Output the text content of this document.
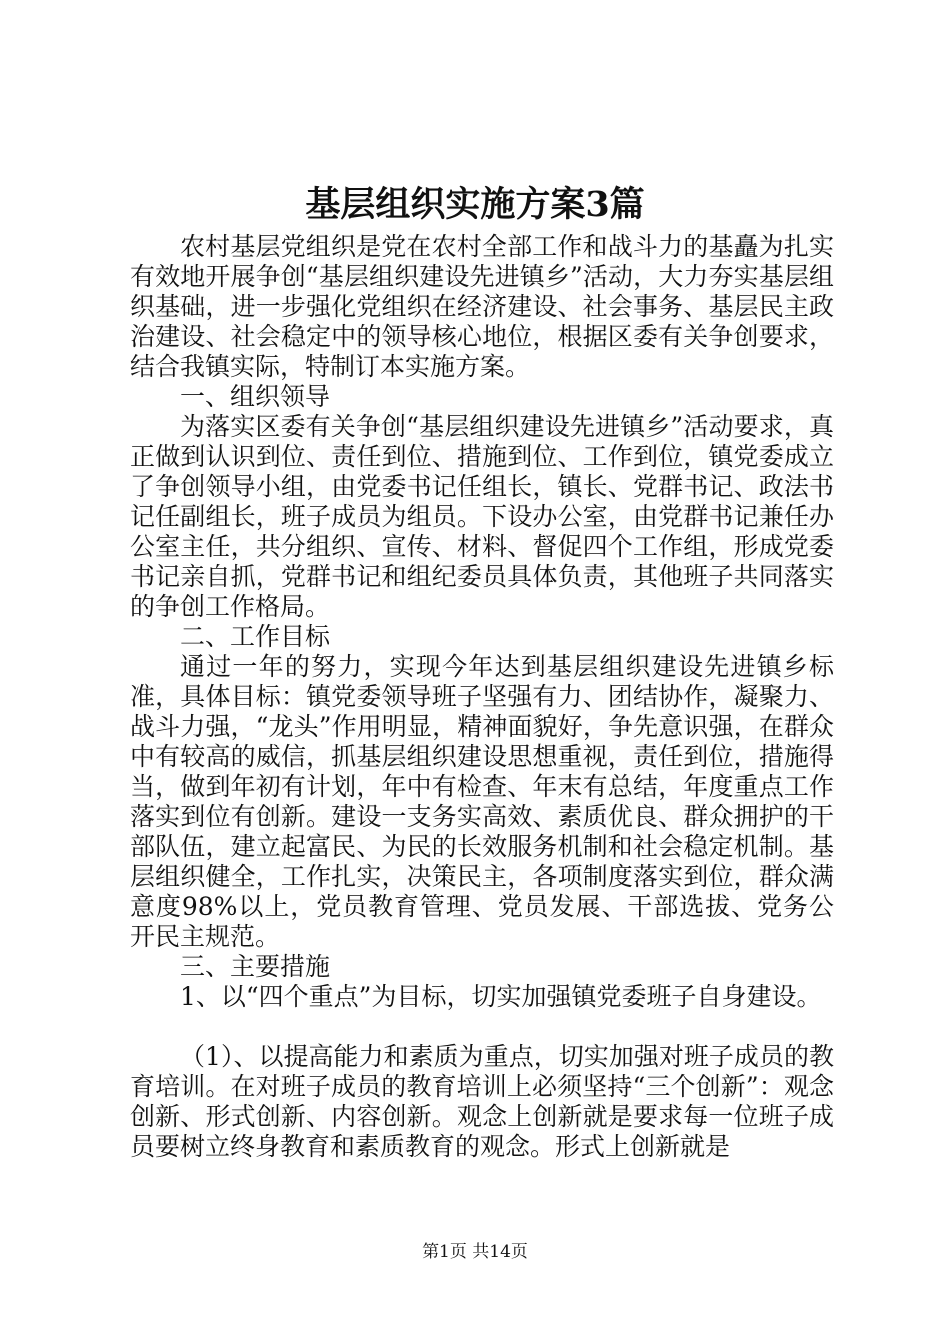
基层组织实施方案3篇

农村基层党组织是党在农村全部工作和战斗力的基矗为扎实有效地开展争创“基层组织建设先进镇乡”活动，大力夯实基层组织基础，进一步强化党组织在经济建设、社会事务、基层民主政治建设、社会稳定中的领导核心地位，根据区委有关争创要求，结合我镇实际，特制订本实施方案。

一、组织领导

为落实区委有关争创“基层组织建设先进镇乡”活动要求，真正做到认识到位、责任到位、措施到位、工作到位，镇党委成立了争创领导小组，由党委书记任组长，镇长、党群书记、政法书记任副组长，班子成员为组员。下设办公室，由党群书记兼任办公室主任，共分组织、宣传、材料、督促四个工作组，形成党委书记亲自抓，党群书记和组纪委员具体负责，其他班子共同落实的争创工作格局。

二、工作目标

通过一年的努力，实现今年达到基层组织建设先进镇乡标准，具体目标：镇党委领导班子坚强有力、团结协作，凝聚力、战斗力强，“龙头”作用明显，精神面貌好，争先意识强，在群众中有较高的威信，抓基层组织建设思想重视，责任到位，措施得当，做到年初有计划，年中有检查、年末有总结，年度重点工作落实到位有创新。建设一支务实高效、素质优良、群众拥护的干部队伍，建立起富民、为民的长效服务机制和社会稳定机制。基层组织健全，工作扎实，决策民主，各项制度落实到位，群众满意度98%以上，党员教育管理、党员发展、干部选拔、党务公开民主规范。

三、主要措施

1、以“四个重点”为目标，切实加强镇党委班子自身建设。

（1）、以提高能力和素质为重点，切实加强对班子成员的教育培训。在对班子成员的教育培训上必须坚持“三个创新”：观念创新、形式创新、内容创新。观念上创新就是要求每一位班子成员要树立终身教育和素质教育的观念。形式上创新就是

第1页 共14页
